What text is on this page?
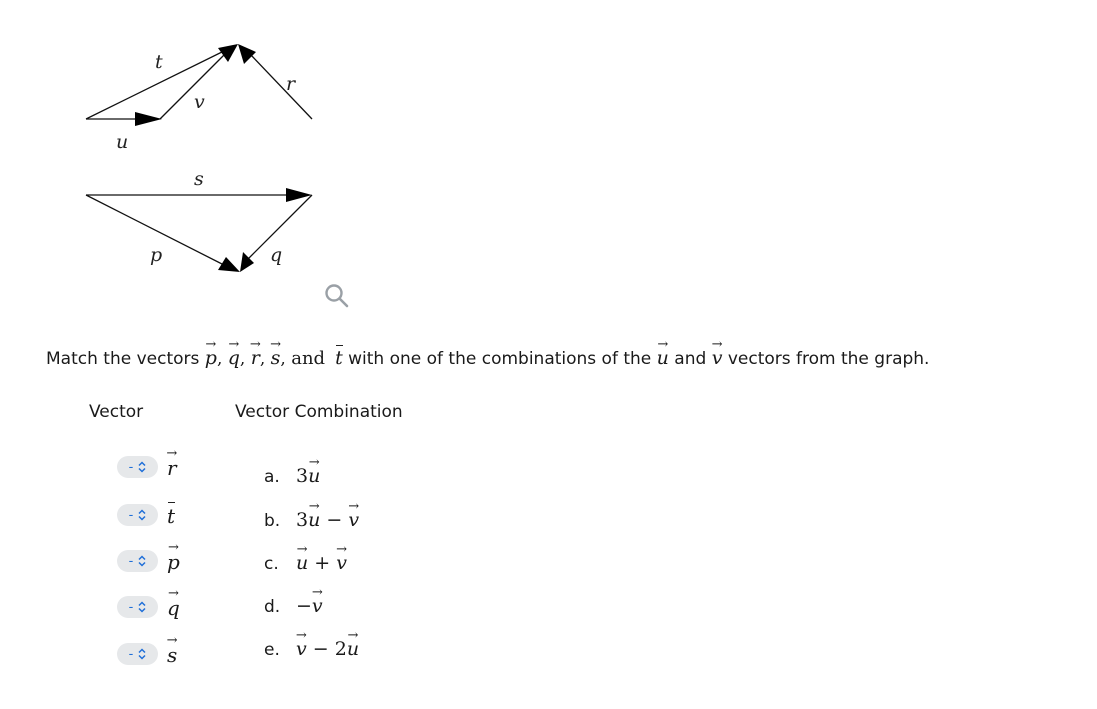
t
v
r
u
s
p	q
Match the vectors → p, → q, → r, → s, and t with one of the combinations of the → u and → v vectors from the graph.
Vector	Vector Combination
- → r
- t
- → p
- → q
- → s
a. 3→ u
b. 3→ u − → v
c. → u + → v
d. −→ v
e. → v − 2→ u
